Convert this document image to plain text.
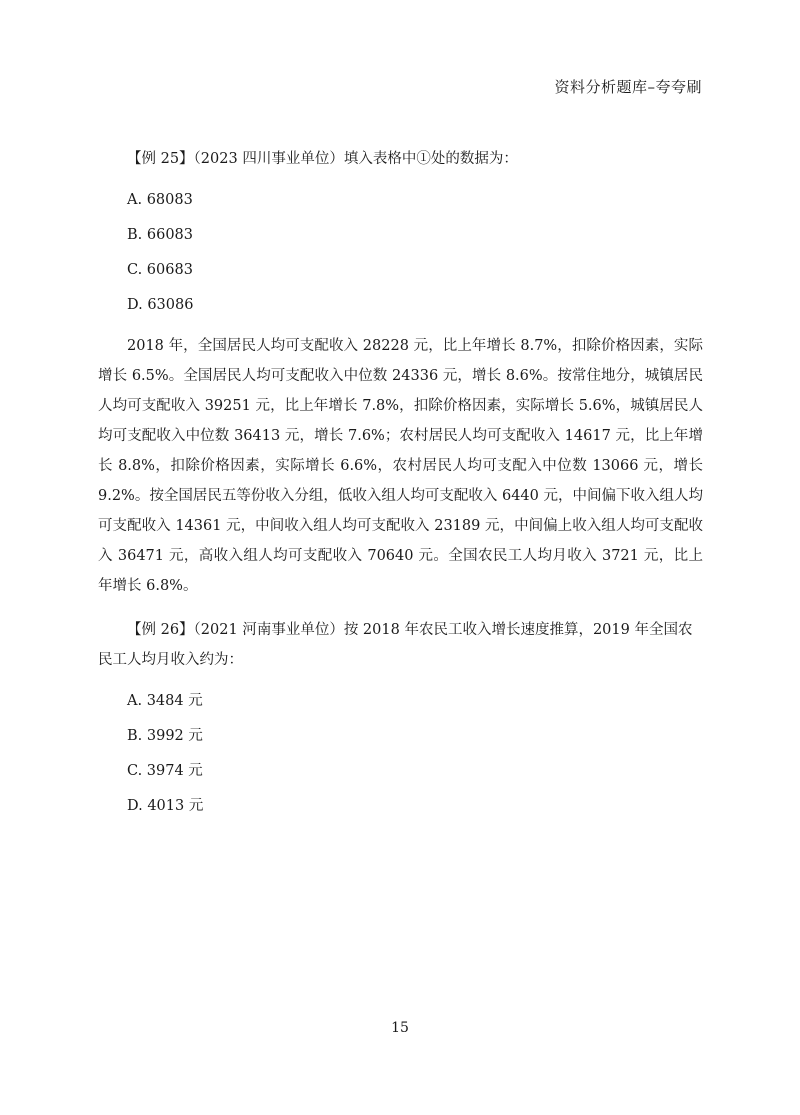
资料分析题库–夸夸刷

【例 25】（2023 四川事业单位）填入表格中①处的数据为：

A. 68083

B. 66083

C. 60683

D. 63086

2018 年，全国居民人均可支配收入 28228 元，比上年增长 8.7%，扣除价格因素，实际增长 6.5%。全国居民人均可支配收入中位数 24336 元，增长 8.6%。按常住地分，城镇居民人均可支配收入 39251 元，比上年增长 7.8%，扣除价格因素，实际增长 5.6%，城镇居民人均可支配收入中位数 36413 元，增长 7.6%；农村居民人均可支配收入 14617 元，比上年增长 8.8%，扣除价格因素，实际增长 6.6%，农村居民人均可支配入中位数 13066 元，增长 9.2%。按全国居民五等份收入分组，低收入组人均可支配收入 6440 元，中间偏下收入组人均可支配收入 14361 元，中间收入组人均可支配收入 23189 元，中间偏上收入组人均可支配收入 36471 元，高收入组人均可支配收入 70640 元。全国农民工人均月收入 3721 元，比上年增长 6.8%。

【例 26】（2021 河南事业单位）按 2018 年农民工收入增长速度推算，2019 年全国农民工人均月收入约为：

A. 3484 元

B. 3992 元

C. 3974 元

D. 4013 元

15
